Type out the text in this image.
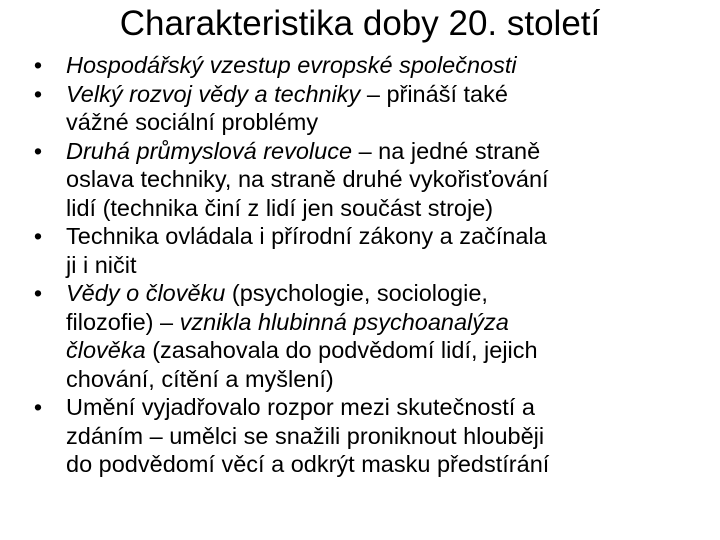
Charakteristika doby 20. století
• Hospodářský vzestup evropské společnosti
• Velký rozvoj vědy a techniky – přináší také
vážné sociální problémy
• Druhá průmyslová revoluce – na jedné straně
oslava techniky, na straně druhé vykořisťování
lidí (technika činí z lidí jen součást stroje)
• Technika ovládala i přírodní zákony a začínala
ji i ničit
• Vědy o člověku (psychologie, sociologie,
filozofie) – vznikla hlubinná psychoanalýza
člověka (zasahovala do podvědomí lidí, jejich
chování, cítění a myšlení)
• Umění vyjadřovalo rozpor mezi skutečností a
zdáním – umělci se snažili proniknout hlouběji
do podvědomí věcí a odkrýt masku předstírání
